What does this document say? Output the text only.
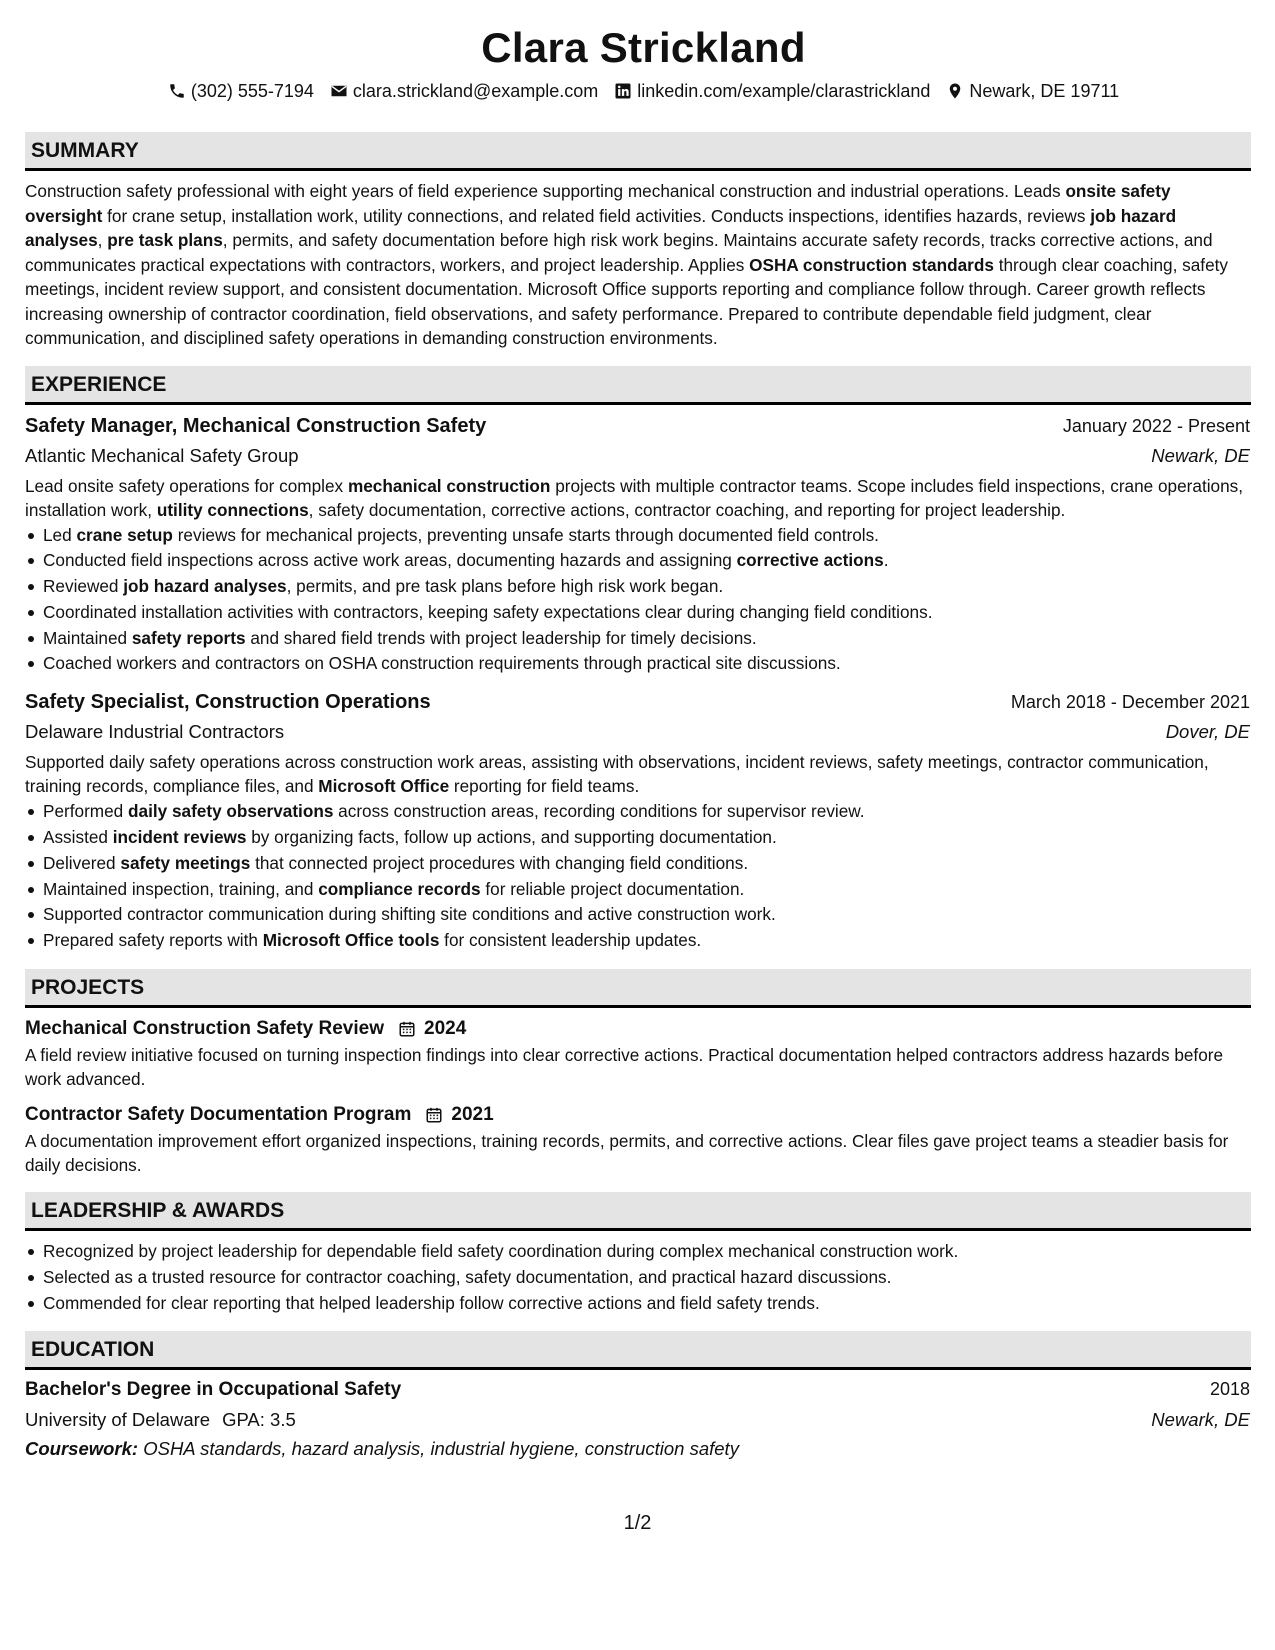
Clara Strickland
(302) 555-7194 clara.strickland@example.com linkedin.com/example/clarastrickland Newark, DE 19711
SUMMARY

Construction safety professional with eight years of field experience supporting mechanical construction and industrial operations. Leads onsite safety oversight for crane setup, installation work, utility connections, and related field activities. Conducts inspections, identifies hazards, reviews job hazard analyses, pre task plans, permits, and safety documentation before high risk work begins. Maintains accurate safety records, tracks corrective actions, and communicates practical expectations with contractors, workers, and project leadership. Applies OSHA construction standards through clear coaching, safety meetings, incident review support, and consistent documentation. Microsoft Office supports reporting and compliance follow through. Career growth reflects increasing ownership of contractor coordination, field observations, and safety performance. Prepared to contribute dependable field judgment, clear communication, and disciplined safety operations in demanding construction environments.

EXPERIENCE
Safety Manager, Mechanical Construction Safety	January 2022 - Present
Atlantic Mechanical Safety Group	Newark, DE

Lead onsite safety operations for complex mechanical construction projects with multiple contractor teams. Scope includes field inspections, crane operations, installation work, utility connections, safety documentation, corrective actions, contractor coaching, and reporting for project leadership.

Led crane setup reviews for mechanical projects, preventing unsafe starts through documented field controls.
Conducted field inspections across active work areas, documenting hazards and assigning corrective actions.
Reviewed job hazard analyses, permits, and pre task plans before high risk work began.
Coordinated installation activities with contractors, keeping safety expectations clear during changing field conditions.
Maintained safety reports and shared field trends with project leadership for timely decisions.
Coached workers and contractors on OSHA construction requirements through practical site discussions.
Safety Specialist, Construction Operations	March 2018 - December 2021
Delaware Industrial Contractors	Dover, DE

Supported daily safety operations across construction work areas, assisting with observations, incident reviews, safety meetings, contractor communication, training records, compliance files, and Microsoft Office reporting for field teams.

Performed daily safety observations across construction areas, recording conditions for supervisor review.
Assisted incident reviews by organizing facts, follow up actions, and supporting documentation.
Delivered safety meetings that connected project procedures with changing field conditions.
Maintained inspection, training, and compliance records for reliable project documentation.
Supported contractor communication during shifting site conditions and active construction work.
Prepared safety reports with Microsoft Office tools for consistent leadership updates.
PROJECTS
Mechanical Construction Safety Review 2024
A field review initiative focused on turning inspection findings into clear corrective actions. Practical documentation helped contractors address hazards before work advanced.
Contractor Safety Documentation Program 2021
A documentation improvement effort organized inspections, training records, permits, and corrective actions. Clear files gave project teams a steadier basis for daily decisions.
LEADERSHIP & AWARDS
Recognized by project leadership for dependable field safety coordination during complex mechanical construction work.
Selected as a trusted resource for contractor coaching, safety documentation, and practical hazard discussions.
Commended for clear reporting that helped leadership follow corrective actions and field safety trends.
EDUCATION
Bachelor's Degree in Occupational Safety	2018
University of Delaware GPA: 3.5	Newark, DE
Coursework: OSHA standards, hazard analysis, industrial hygiene, construction safety
1/2
